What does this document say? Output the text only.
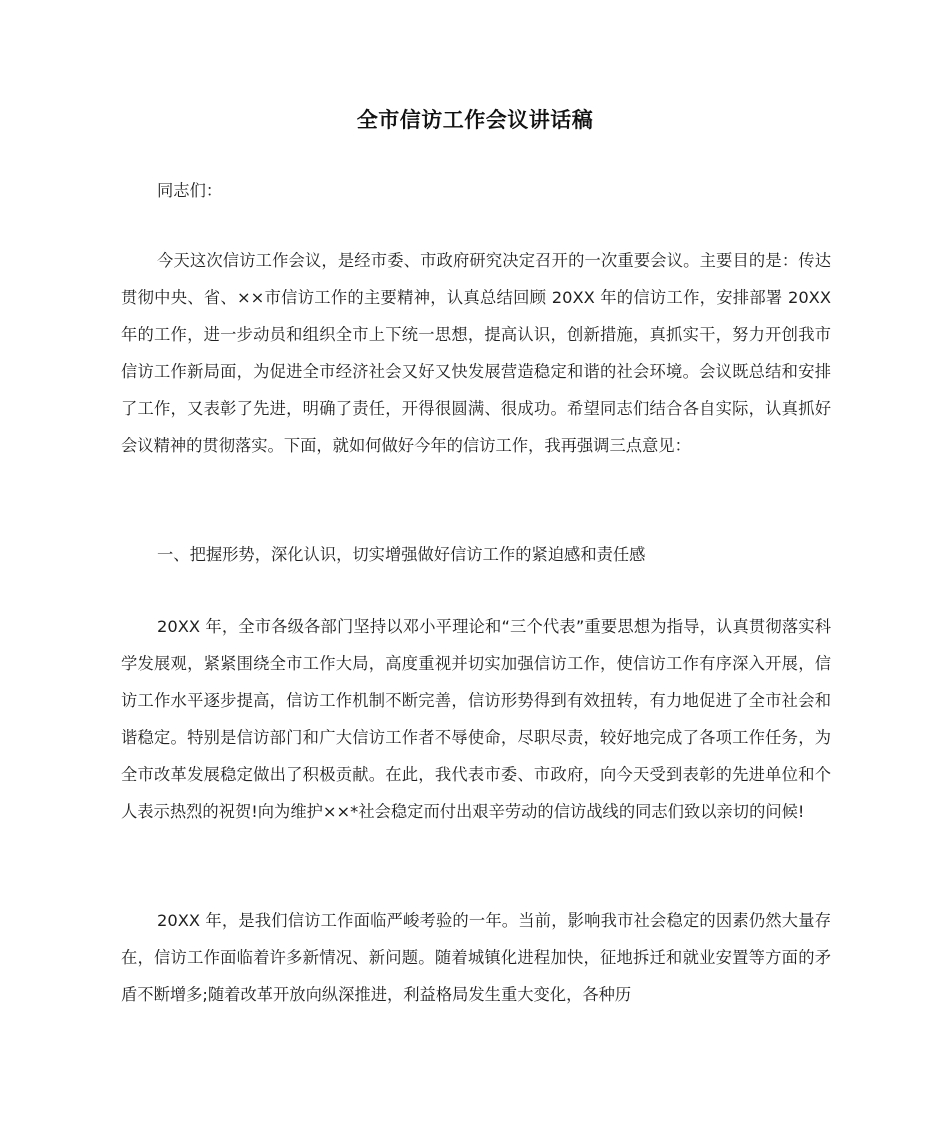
全市信访工作会议讲话稿

同志们：

今天这次信访工作会议，是经市委、市政府研究决定召开的一次重要会议。主要目的是：传达贯彻中央、省、××市信访工作的主要精神，认真总结回顾 20XX 年的信访工作，安排部署 20XX 年的工作，进一步动员和组织全市上下统一思想，提高认识，创新措施，真抓实干，努力开创我市信访工作新局面，为促进全市经济社会又好又快发展营造稳定和谐的社会环境。会议既总结和安排了工作，又表彰了先进，明确了责任，开得很圆满、很成功。希望同志们结合各自实际，认真抓好会议精神的贯彻落实。下面，就如何做好今年的信访工作，我再强调三点意见：

一、把握形势，深化认识，切实增强做好信访工作的紧迫感和责任感

20XX 年，全市各级各部门坚持以邓小平理论和“三个代表”重要思想为指导，认真贯彻落实科学发展观，紧紧围绕全市工作大局，高度重视并切实加强信访工作，使信访工作有序深入开展，信访工作水平逐步提高，信访工作机制不断完善，信访形势得到有效扭转，有力地促进了全市社会和谐稳定。特别是信访部门和广大信访工作者不辱使命，尽职尽责，较好地完成了各项工作任务，为全市改革发展稳定做出了积极贡献。在此，我代表市委、市政府，向今天受到表彰的先进单位和个人表示热烈的祝贺!向为维护××*社会稳定而付出艰辛劳动的信访战线的同志们致以亲切的问候!

20XX 年，是我们信访工作面临严峻考验的一年。当前，影响我市社会稳定的因素仍然大量存在，信访工作面临着许多新情况、新问题。随着城镇化进程加快，征地拆迁和就业安置等方面的矛盾不断增多;随着改革开放向纵深推进，利益格局发生重大变化，各种历
